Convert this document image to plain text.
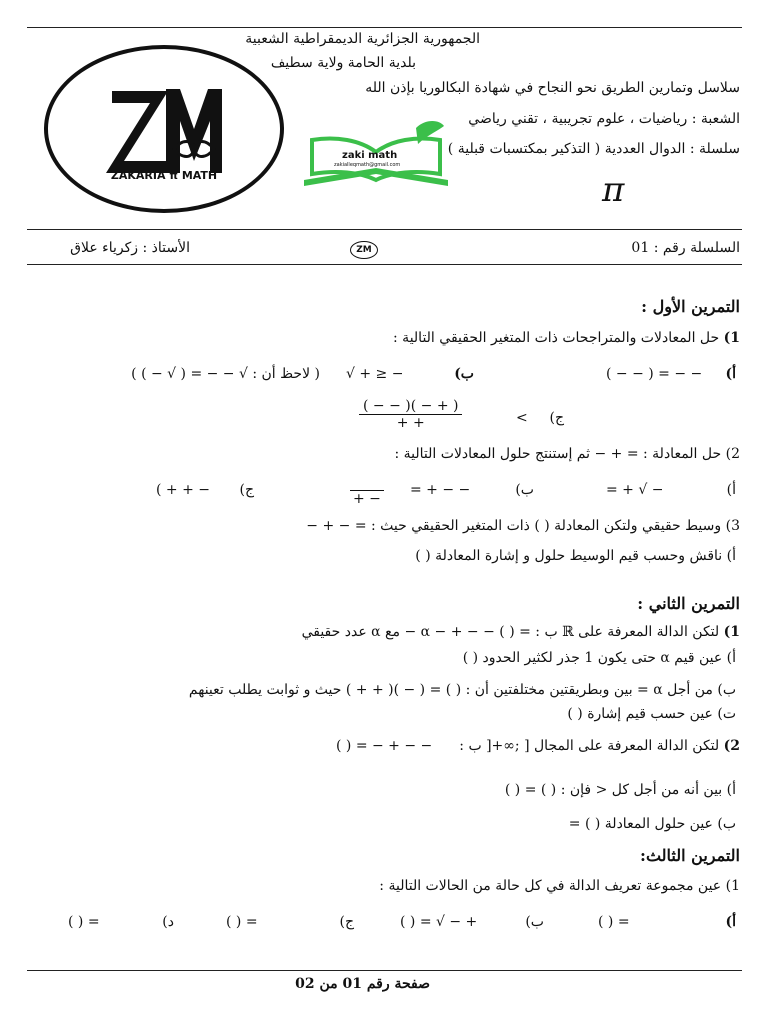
ZAKARIA π MATH
الجمهورية الجزائرية الديمقراطية الشعبية
بلدية الحامة ولاية سطيف
سلاسل وتمارين الطريق نحو النجاح في شهادة البكالوريا بإذن الله
الشعبة : رياضيات ، علوم تجريبية ، تقني رياضي
سلسلة : الدوال العددية ( التذكير بمكتسبات قبلية )
zaki math
zakialleqmath@gmail.com
π
السلسلة رقم : 01
ZM
الأستاذ : زكرياء علاق
التمرين الأول :
1) حل المعادلات والمتراجحات ذات المتغير الحقيقي التالية :
أ)
( − − ) = − −
ب)
√ + ≥ −
( لاحظ أن : √ − − = ( √ − ) )
ج)
<
$\frac{( - - )( - + )}{+ +}$
2) حل المعادلة : = + − ثم إستنتج حلول المعادلات التالية :
أ)
= + √ −
ب)
= + − −

+ −
ج)
( + + −
3) وسيط حقيقي ولتكن المعادلة ( ) ذات المتغير الحقيقي حيث : = − + −
أ) ناقش وحسب قيم الوسيط حلول و إشارة المعادلة ( )
التمرين الثاني :
1) لتكن الدالة المعرفة على ℝ ب : = ( ) − − + − α − مع α عدد حقيقي
أ) عين قيم α حتى يكون 1 جذر لكثير الحدود ( )
ب) من أجل α = بين وبطريقتين مختلفتين أن : ( ) = ( − )( + + ) حيث و ثوابت يطلب تعينهم
ت) عين حسب قيم إشارة ( )
2) لتكن الدالة المعرفة على المجال [ ;∞+[ ب :
( ) = − + − −
أ) بين أنه من أجل كل < فإن : ( ) = ( )
ب) عين حلول المعادلة ( ) =
التمرين الثالث:
1) عين مجموعة تعريف الدالة في كل حالة من الحالات التالية :
أ)
( ) =
ب)
( ) = √ − +
ج)
( ) =
د)
( ) =
صفحة رقم 01 من 02
